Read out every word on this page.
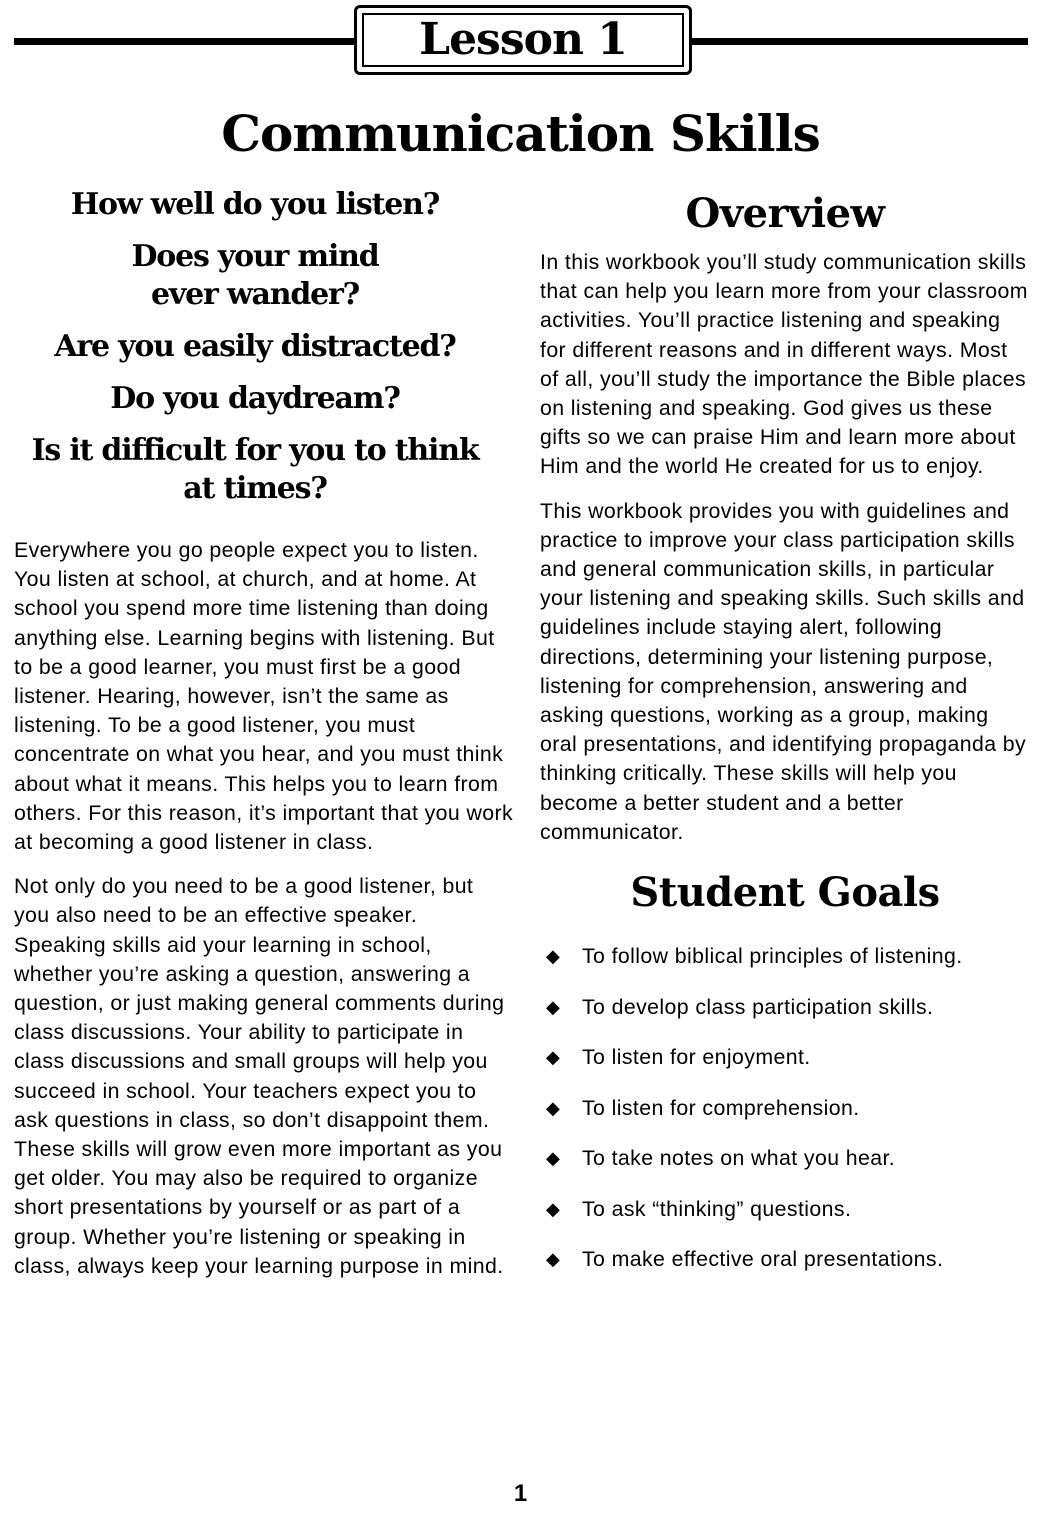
Lesson 1
Communication Skills
How well do you listen?
Does your mind
ever wander?
Are you easily distracted?
Do you daydream?
Is it difficult for you to think
at times?

Everywhere you go people expect you to listen. You listen at school, at church, and at home. At school you spend more time listening than doing anything else. Learning begins with listening. But to be a good learner, you must first be a good listener. Hearing, however, isn’t the same as listening. To be a good listener, you must concentrate on what you hear, and you must think about what it means. This helps you to learn from others. For this reason, it’s important that you work at becoming a good listener in class.

Not only do you need to be a good listener, but you also need to be an effective speaker. Speaking skills aid your learning in school, whether you’re asking a question, answering a question, or just making general comments during class discussions. Your ability to participate in class discussions and small groups will help you succeed in school. Your teachers expect you to ask questions in class, so don’t disappoint them. These skills will grow even more important as you get older. You may also be required to organize short presentations by yourself or as part of a group. Whether you’re listening or speaking in class, always keep your learning purpose in mind.

Overview

In this workbook you’ll study communication skills that can help you learn more from your classroom activities. You’ll practice listening and speaking for different reasons and in different ways. Most of all, you’ll study the importance the Bible places on listening and speaking. God gives us these gifts so we can praise Him and learn more about Him and the world He created for us to enjoy.

This workbook provides you with guidelines and practice to improve your class participation skills and general communication skills, in particular your listening and speaking skills. Such skills and guidelines include staying alert, following directions, determining your listening purpose, listening for comprehension, answering and asking questions, working as a group, making oral presentations, and identifying propaganda by thinking critically. These skills will help you become a better student and a better communicator.

Student Goals
◆ To follow biblical principles of listening.
◆ To develop class participation skills.
◆ To listen for enjoyment.
◆ To listen for comprehension.
◆ To take notes on what you hear.
◆ To ask “thinking” questions.
◆ To make effective oral presentations.
1
